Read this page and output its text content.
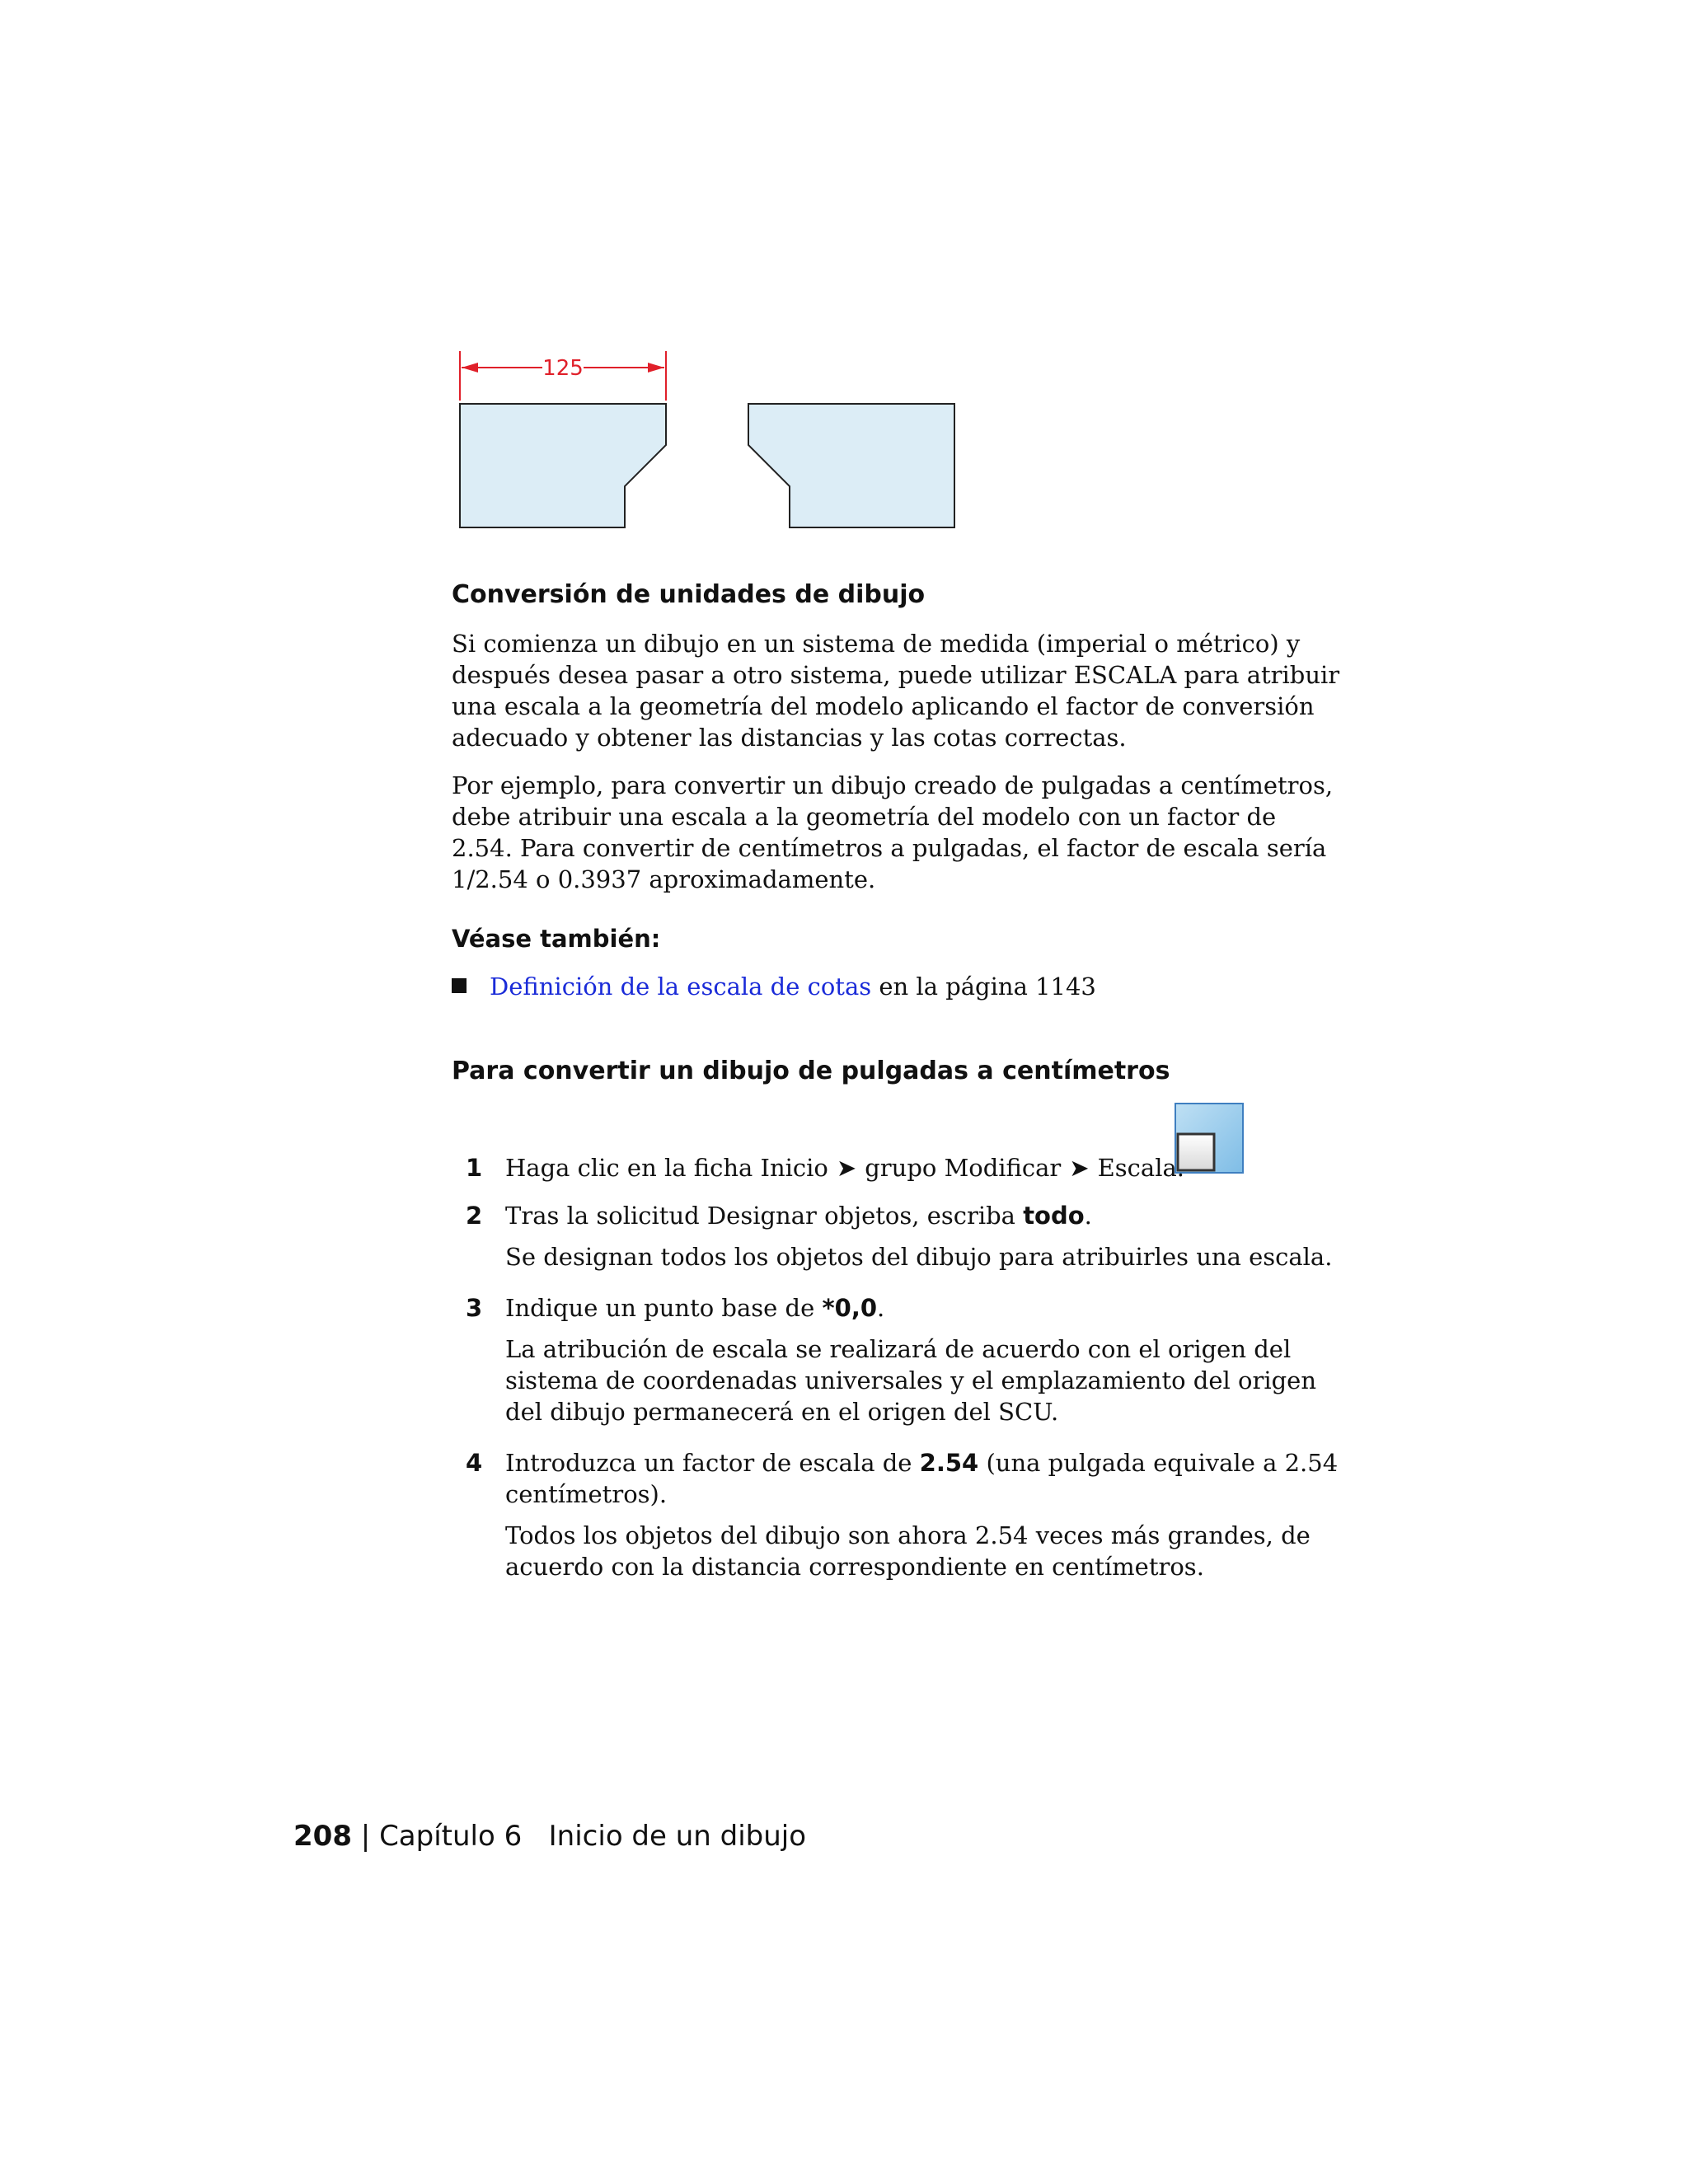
125
Conversión de unidades de dibujo

Si comienza un dibujo en un sistema de medida (imperial o métrico) y después desea pasar a otro sistema, puede utilizar ESCALA para atribuir una escala a la geometría del modelo aplicando el factor de conversión adecuado y obtener las distancias y las cotas correctas.

Por ejemplo, para convertir un dibujo creado de pulgadas a centímetros, debe atribuir una escala a la geometría del modelo con un factor de 2.54. Para convertir de centímetros a pulgadas, el factor de escala sería 1/2.54 o 0.3937 aproximadamente.

Véase también:

Definición de la escala de cotas en la página 1143
Para convertir un dibujo de pulgadas a centímetros
1 Haga clic en la ficha Inicio ➤ grupo Modificar ➤ Escala.
2 Tras la solicitud Designar objetos, escriba todo.
Se designan todos los objetos del dibujo para atribuirles una escala.
3 Indique un punto base de *0,0.
La atribución de escala se realizará de acuerdo con el origen del sistema de coordenadas universales y el emplazamiento del origen del dibujo permanecerá en el origen del SCU.
4 Introduzca un factor de escala de 2.54 (una pulgada equivale a 2.54 centímetros).
Todos los objetos del dibujo son ahora 2.54 veces más grandes, de acuerdo con la distancia correspondiente en centímetros.
208 | Capítulo 6   Inicio de un dibujo
